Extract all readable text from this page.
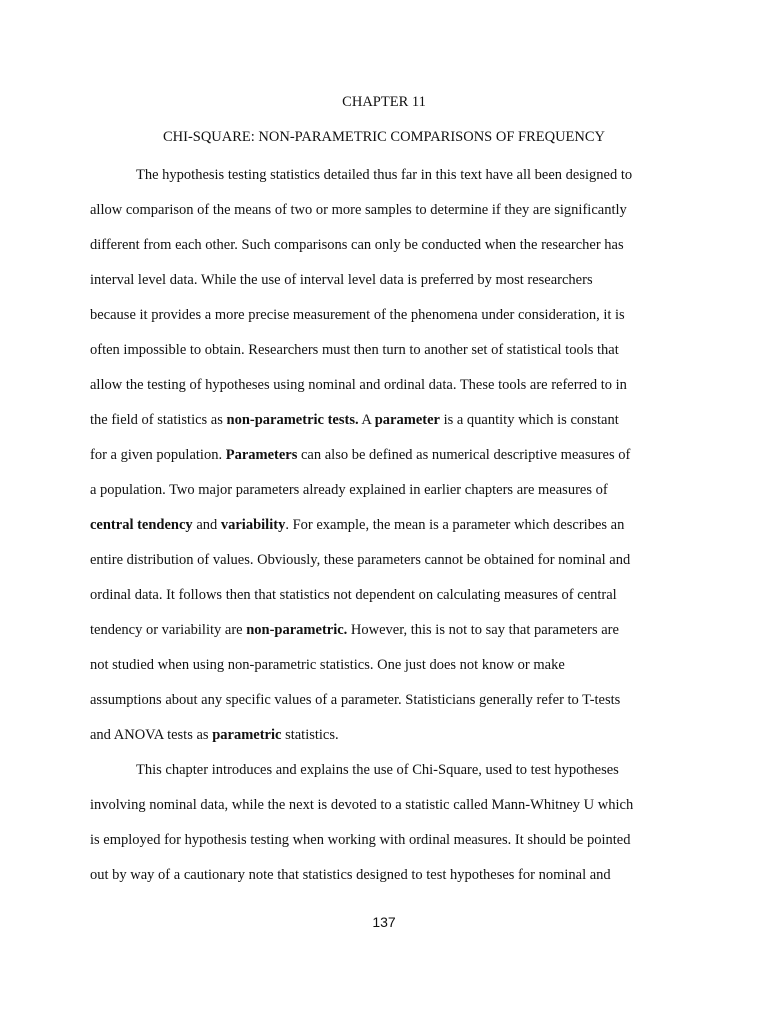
CHAPTER 11
CHI-SQUARE: NON-PARAMETRIC COMPARISONS OF FREQUENCY
The hypothesis testing statistics detailed thus far in this text have all been designed to
allow comparison of the means of two or more samples to determine if they are significantly
different from each other. Such comparisons can only be conducted when the researcher has
interval level data. While the use of interval level data is preferred by most researchers
because it provides a more precise measurement of the phenomena under consideration, it is
often impossible to obtain. Researchers must then turn to another set of statistical tools that
allow the testing of hypotheses using nominal and ordinal data. These tools are referred to in
the field of statistics as non-parametric tests. A parameter is a quantity which is constant
for a given population. Parameters can also be defined as numerical descriptive measures of
a population. Two major parameters already explained in earlier chapters are measures of
central tendency and variability. For example, the mean is a parameter which describes an
entire distribution of values. Obviously, these parameters cannot be obtained for nominal and
ordinal data. It follows then that statistics not dependent on calculating measures of central
tendency or variability are non-parametric. However, this is not to say that parameters are
not studied when using non-parametric statistics. One just does not know or make
assumptions about any specific values of a parameter. Statisticians generally refer to T-tests
and ANOVA tests as parametric statistics.
This chapter introduces and explains the use of Chi-Square, used to test hypotheses
involving nominal data, while the next is devoted to a statistic called Mann-Whitney U which
is employed for hypothesis testing when working with ordinal measures. It should be pointed
out by way of a cautionary note that statistics designed to test hypotheses for nominal and
137
